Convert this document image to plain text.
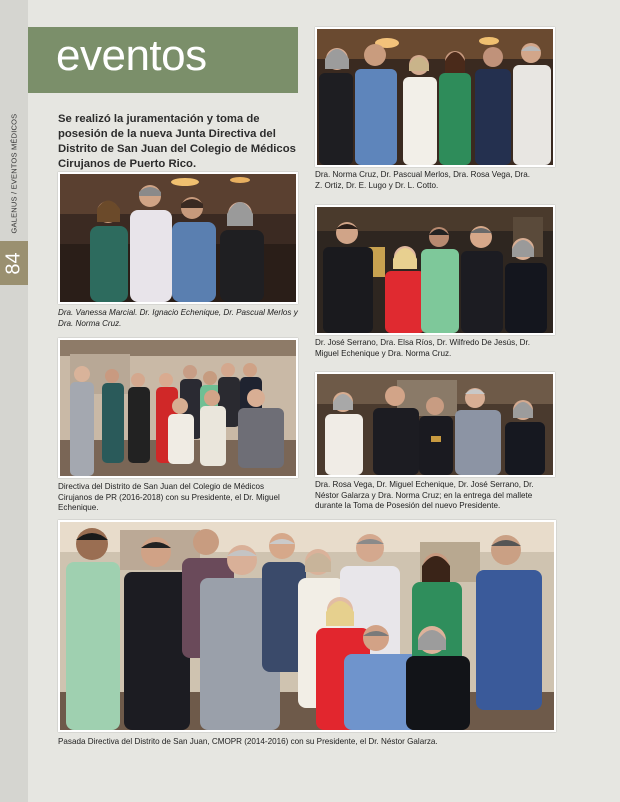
GALENUS / EVENTOS MÉDICOS
84
eventos

Se realizó la juramentación y toma de posesión de la nueva Junta Directiva del Distrito de San Juan del Colegio de Médicos Cirujanos de Puerto Rico.

Dra. Vanessa Marcial. Dr. Ignacio Echenique, Dr. Pascual Merlos y Dra. Norma Cruz.

Directiva del Distrito de San Juan del Colegio de Médicos Cirujanos de PR (2016-2018) con su Presidente, el Dr. Miguel Echenique.

Dra. Norma Cruz, Dr. Pascual Merlos, Dra. Rosa Vega, Dra. Z. Ortiz, Dr. E. Lugo y Dr. L. Cotto.

Dr. José Serrano, Dra. Elsa Ríos, Dr. Wilfredo De Jesús, Dr. Miguel Echenique y Dra. Norma Cruz.

Dra. Rosa Vega, Dr. Miguel Echenique, Dr. José Serrano, Dr. Néstor Galarza y Dra. Norma Cruz; en la entrega del mallete durante la Toma de Posesión del nuevo Presidente.

Pasada Directiva del Distrito de San Juan, CMOPR (2014-2016) con su Presidente, el Dr. Néstor Galarza.
